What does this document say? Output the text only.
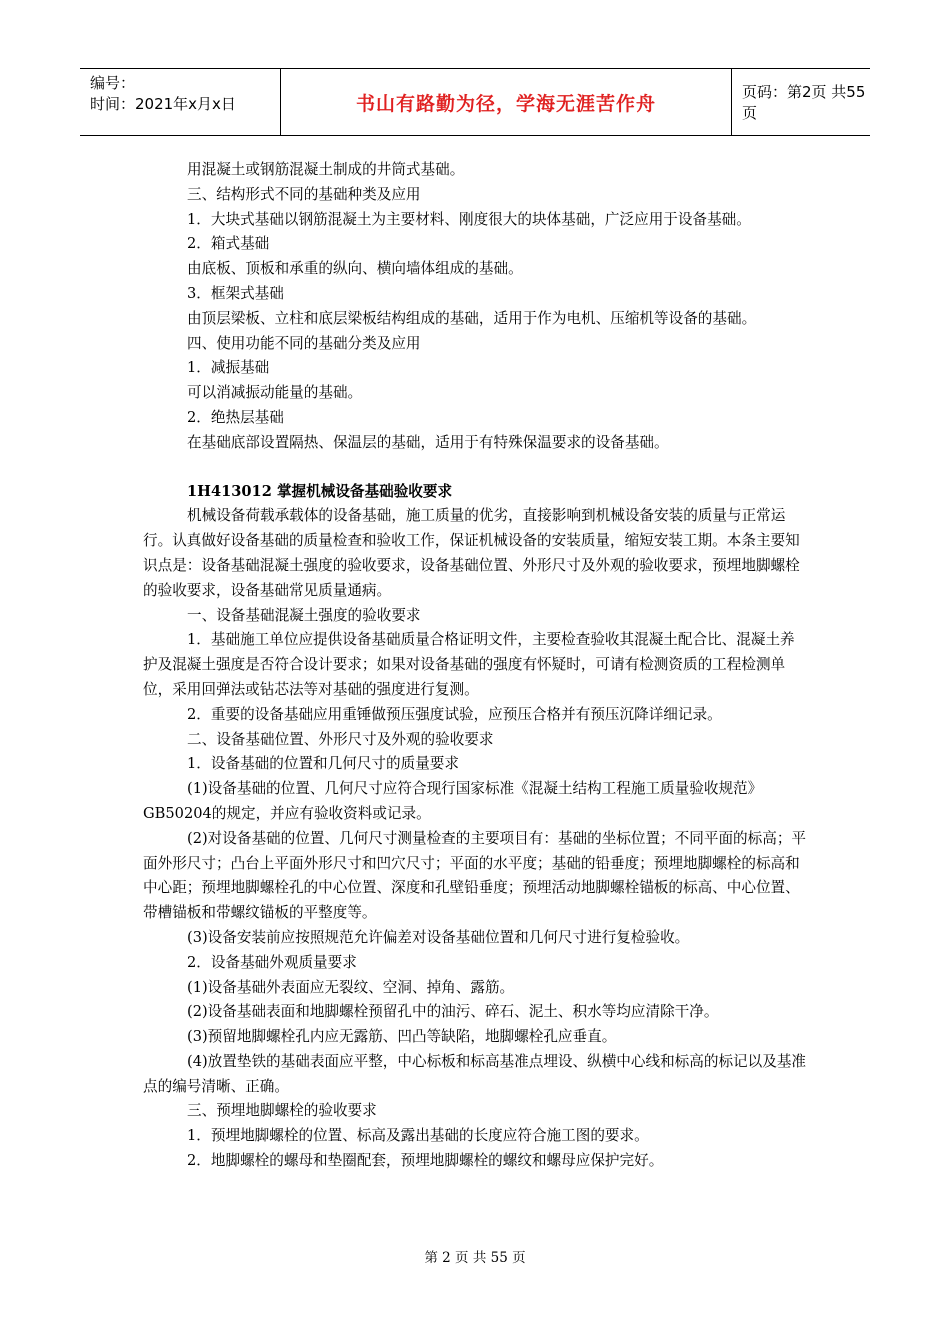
编号：
时间：2021年x月x日	书山有路勤为径，学海无涯苦作舟
页码：第2页 共55页

用混凝土或钢筋混凝土制成的井筒式基础。

三、结构形式不同的基础种类及应用

1．大块式基础以钢筋混凝土为主要材料、刚度很大的块体基础，广泛应用于设备基础。

2．箱式基础

由底板、顶板和承重的纵向、横向墙体组成的基础。

3．框架式基础

由顶层梁板、立柱和底层梁板结构组成的基础，适用于作为电机、压缩机等设备的基础。

四、使用功能不同的基础分类及应用

1．减振基础

可以消减振动能量的基础。

2．绝热层基础

在基础底部设置隔热、保温层的基础，适用于有特殊保温要求的设备基础。

1H413012 掌握机械设备基础验收要求

机械设备荷载承载体的设备基础，施工质量的优劣，直接影响到机械设备安装的质量与正常运行。认真做好设备基础的质量检查和验收工作，保证机械设备的安装质量，缩短安装工期。本条主要知识点是：设备基础混凝土强度的验收要求，设备基础位置、外形尺寸及外观的验收要求，预埋地脚螺栓的验收要求，设备基础常见质量通病。

一、设备基础混凝土强度的验收要求

1．基础施工单位应提供设备基础质量合格证明文件，主要检查验收其混凝土配合比、混凝土养护及混凝土强度是否符合设计要求；如果对设备基础的强度有怀疑时，可请有检测资质的工程检测单位，采用回弹法或钻芯法等对基础的强度进行复测。

2．重要的设备基础应用重锤做预压强度试验，应预压合格并有预压沉降详细记录。

二、设备基础位置、外形尺寸及外观的验收要求

1．设备基础的位置和几何尺寸的质量要求

(1)设备基础的位置、几何尺寸应符合现行国家标准《混凝土结构工程施工质量验收规范》GB50204的规定，并应有验收资料或记录。

(2)对设备基础的位置、几何尺寸测量检查的主要项目有：基础的坐标位置；不同平面的标高；平面外形尺寸；凸台上平面外形尺寸和凹穴尺寸；平面的水平度；基础的铅垂度；预埋地脚螺栓的标高和中心距；预埋地脚螺栓孔的中心位置、深度和孔壁铅垂度；预埋活动地脚螺栓锚板的标高、中心位置、带槽锚板和带螺纹锚板的平整度等。

(3)设备安装前应按照规范允许偏差对设备基础位置和几何尺寸进行复检验收。

2．设备基础外观质量要求

(1)设备基础外表面应无裂纹、空洞、掉角、露筋。

(2)设备基础表面和地脚螺栓预留孔中的油污、碎石、泥土、积水等均应清除干净。

(3)预留地脚螺栓孔内应无露筋、凹凸等缺陷，地脚螺栓孔应垂直。

(4)放置垫铁的基础表面应平整，中心标板和标高基准点埋设、纵横中心线和标高的标记以及基准点的编号清晰、正确。

三、预埋地脚螺栓的验收要求

1．预埋地脚螺栓的位置、标高及露出基础的长度应符合施工图的要求。

2．地脚螺栓的螺母和垫圈配套，预埋地脚螺栓的螺纹和螺母应保护完好。

第 2 页 共 55 页
